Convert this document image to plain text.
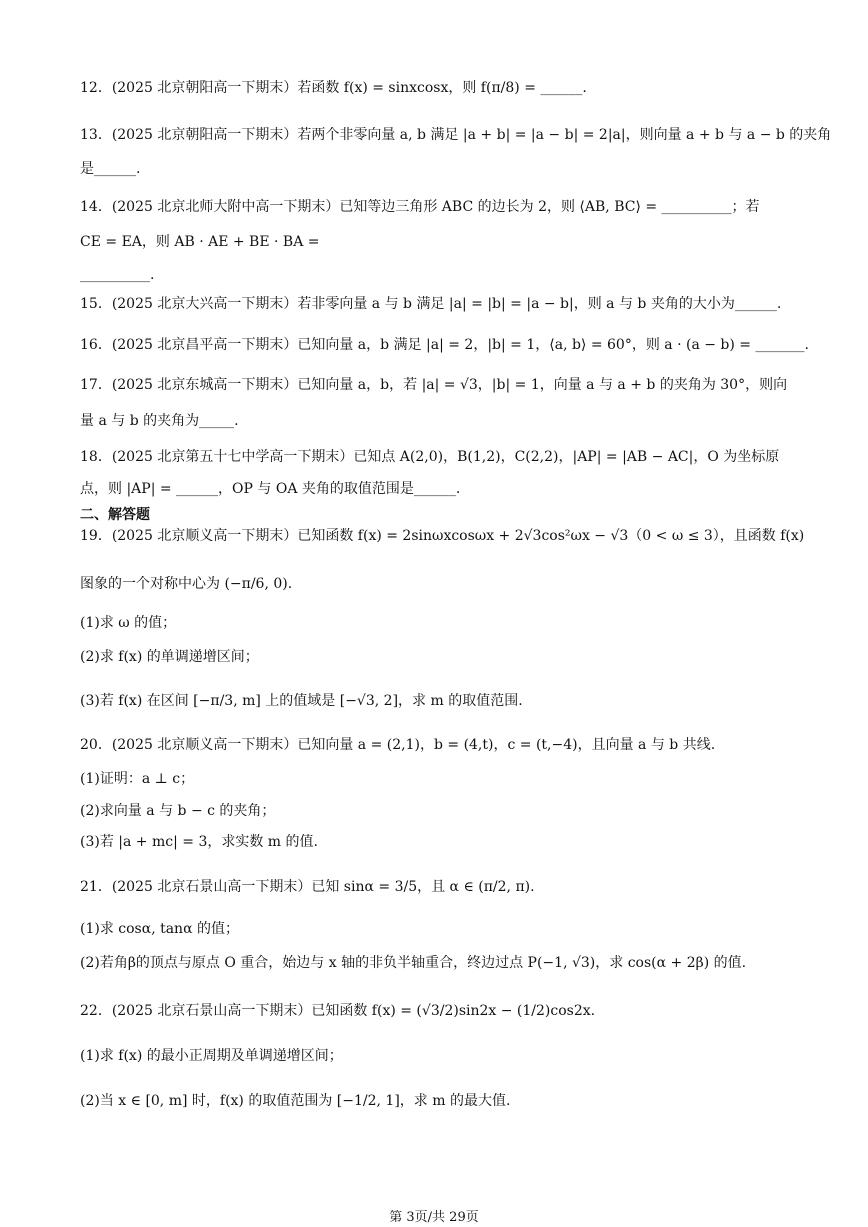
12．(2025 北京朝阳高一下期末）若函数 f(x) = sinxcosx，则 f(π/8) = ______.
13．(2025 北京朝阳高一下期末）若两个非零向量 a, b 满足 |a + b| = |a − b| = 2|a|，则向量 a + b 与 a − b 的夹角
是______.
14．(2025 北京北师大附中高一下期末）已知等边三角形 ABC 的边长为 2，则 ⟨AB, BC⟩ = __________；若
CE = EA，则 AB · AE + BE · BA =
__________.
15．(2025 北京大兴高一下期末）若非零向量 a 与 b 满足 |a| = |b| = |a − b|，则 a 与 b 夹角的大小为______.
16．(2025 北京昌平高一下期末）已知向量 a，b 满足 |a| = 2，|b| = 1，⟨a, b⟩ = 60°，则 a · (a − b) = _______.
17．(2025 北京东城高一下期末）已知向量 a，b，若 |a| = √3，|b| = 1，向量 a 与 a + b 的夹角为 30°，则向
量 a 与 b 的夹角为_____.
18．(2025 北京第五十七中学高一下期末）已知点 A(2,0)，B(1,2)，C(2,2)，|AP| = |AB − AC|，O 为坐标原
点，则 |AP| = ______，OP 与 OA 夹角的取值范围是______.
二、解答题
19．(2025 北京顺义高一下期末）已知函数 f(x) = 2sinωxcosωx + 2√3cos²ωx − √3（0 < ω ≤ 3），且函数 f(x)
图象的一个对称中心为 (−π/6, 0).
(1)求 ω 的值；
(2)求 f(x) 的单调递增区间；
(3)若 f(x) 在区间 [−π/3, m] 上的值域是 [−√3, 2]，求 m 的取值范围.
20．(2025 北京顺义高一下期末）已知向量 a = (2,1)，b = (4,t)，c = (t,−4)，且向量 a 与 b 共线.
(1)证明：a ⊥ c；
(2)求向量 a 与 b − c 的夹角；
(3)若 |a + mc| = 3，求实数 m 的值.
21．(2025 北京石景山高一下期末）已知 sinα = 3/5，且 α ∈ (π/2, π).
(1)求 cosα, tanα 的值；
(2)若角β的顶点与原点 O 重合，始边与 x 轴的非负半轴重合，终边过点 P(−1, √3)，求 cos(α + 2β) 的值.
22．(2025 北京石景山高一下期末）已知函数 f(x) = (√3/2)sin2x − (1/2)cos2x.
(1)求 f(x) 的最小正周期及单调递增区间；
(2)当 x ∈ [0, m] 时，f(x) 的取值范围为 [−1/2, 1]，求 m 的最大值.
第 3页/共 29页
